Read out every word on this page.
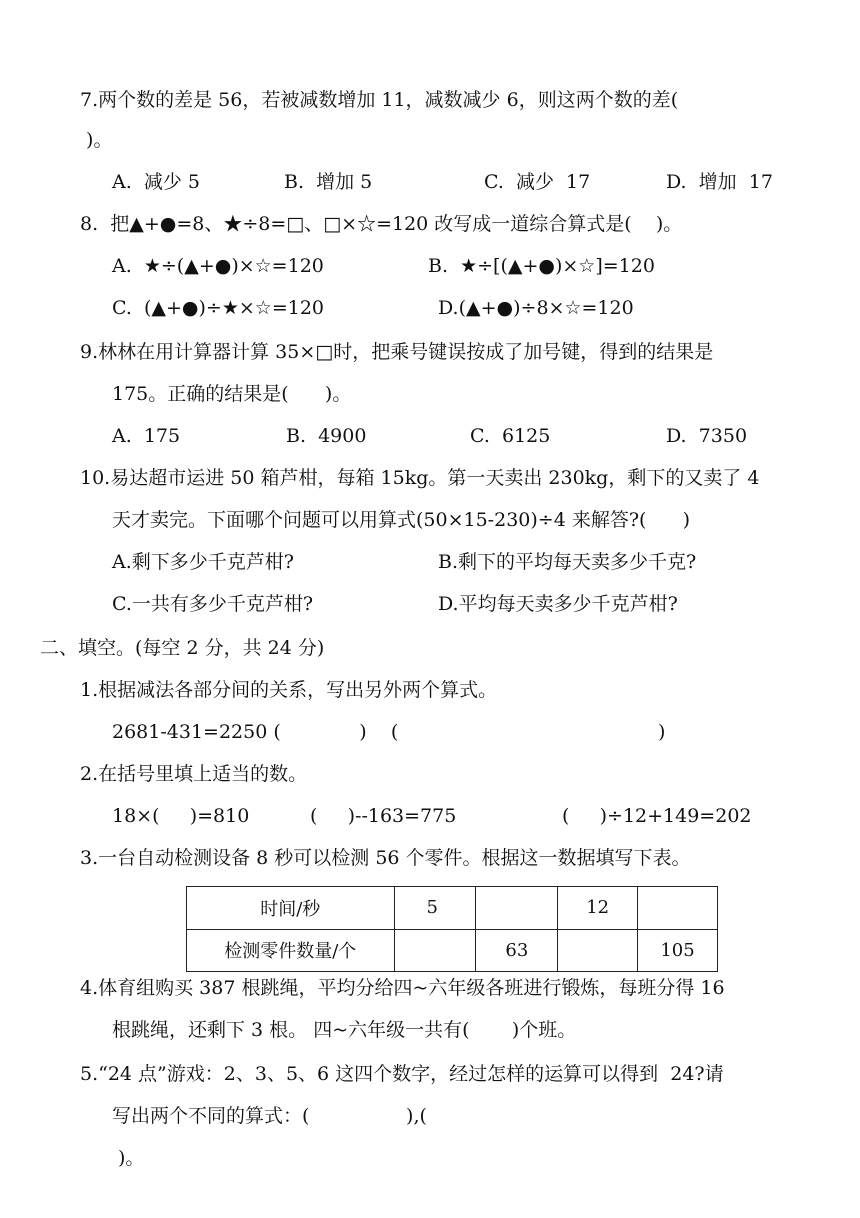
7.两个数的差是 56，若被减数增加 11，减数减少 6，则这两个数的差(
)。
A.  减少 5	B.  增加 5	C.  减少  17	D.  增加  17
8.  把▲+●=8、★÷8=□、□×☆=120 改写成一道综合算式是(    )。
A.  ★÷(▲+●)×☆=120	B.  ★÷[(▲+●)×☆]=120
C.  (▲+●)÷★×☆=120	D.(▲+●)÷8×☆=120
9.林林在用计算器计算 35×□时，把乘号键误按成了加号键，得到的结果是
175。正确的结果是(      )。
A.  175	B.  4900	C.  6125	D.  7350
10.易达超市运进 50 箱芦柑，每箱 15kg。第一天卖出 230kg，剩下的又卖了 4
天才卖完。下面哪个问题可以用算式(50×15-230)÷4 来解答?(      )
A.剩下多少千克芦柑?	B.剩下的平均每天卖多少千克?
C.一共有多少千克芦柑?	D.平均每天卖多少千克芦柑?
二、填空。(每空 2 分，共 24 分)
1.根据减法各部分间的关系，写出另外两个算式。
2681-431=2250 (             )    (                                           )
2.在括号里填上适当的数。
18×(     )=810	(     )--163=775	(     )÷12+149=202
3.一台自动检测设备 8 秒可以检测 56 个零件。根据这一数据填写下表。
时间/秒	5		12	
检测零件数量/个		63		105
4.体育组购买 387 根跳绳，平均分给四~六年级各班进行锻炼，每班分得 16
根跳绳，还剩下 3 根。 四~六年级一共有(       )个班。
5.“24 点”游戏：2、3、5、6 这四个数字，经过怎样的运算可以得到  24?请
写出两个不同的算式：(                ),(
)。
